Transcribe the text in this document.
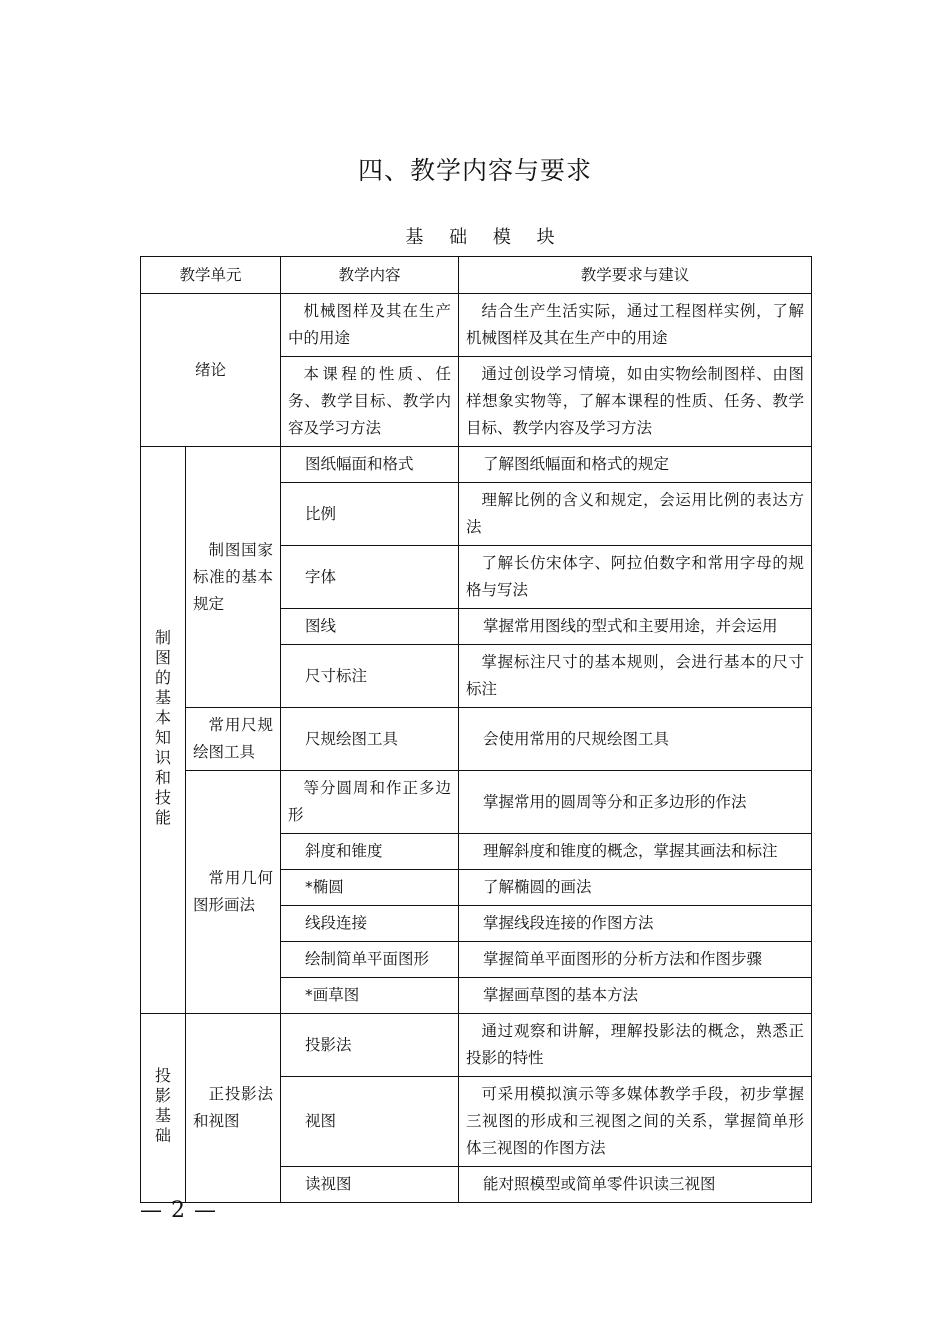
四、教学内容与要求
基 础 模 块
教学单元		教学内容	教学要求与建议
绪论		机械图样及其在生产中的用途	结合生产生活实际，通过工程图样实例，了解机械图样及其在生产中的用途
		本课程的性质、任务、教学目标、教学内容及学习方法	通过创设学习情境，如由实物绘制图样、由图样想象实物等，了解本课程的性质、任务、教学目标、教学内容及学习方法
制图的基本知识和技能	制图国家标准的基本规定	图纸幅面和格式	了解图纸幅面和格式的规定
		比例	理解比例的含义和规定，会运用比例的表达方法
		字体	了解长仿宋体字、阿拉伯数字和常用字母的规格与写法
		图线	掌握常用图线的型式和主要用途，并会运用
		尺寸标注	掌握标注尺寸的基本规则，会进行基本的尺寸标注
	常用尺规绘图工具	尺规绘图工具	会使用常用的尺规绘图工具
	常用几何图形画法	等分圆周和作正多边形	掌握常用的圆周等分和正多边形的作法
		斜度和锥度	理解斜度和锥度的概念，掌握其画法和标注
		*椭圆	了解椭圆的画法
		线段连接	掌握线段连接的作图方法
		绘制简单平面图形	掌握简单平面图形的分析方法和作图步骤
		*画草图	掌握画草图的基本方法
投影基础	正投影法和视图	投影法	通过观察和讲解，理解投影法的概念，熟悉正投影的特性
		视图	可采用模拟演示等多媒体教学手段，初步掌握三视图的形成和三视图之间的关系，掌握简单形体三视图的作图方法
		读视图	能对照模型或简单零件识读三视图
— 2 —
